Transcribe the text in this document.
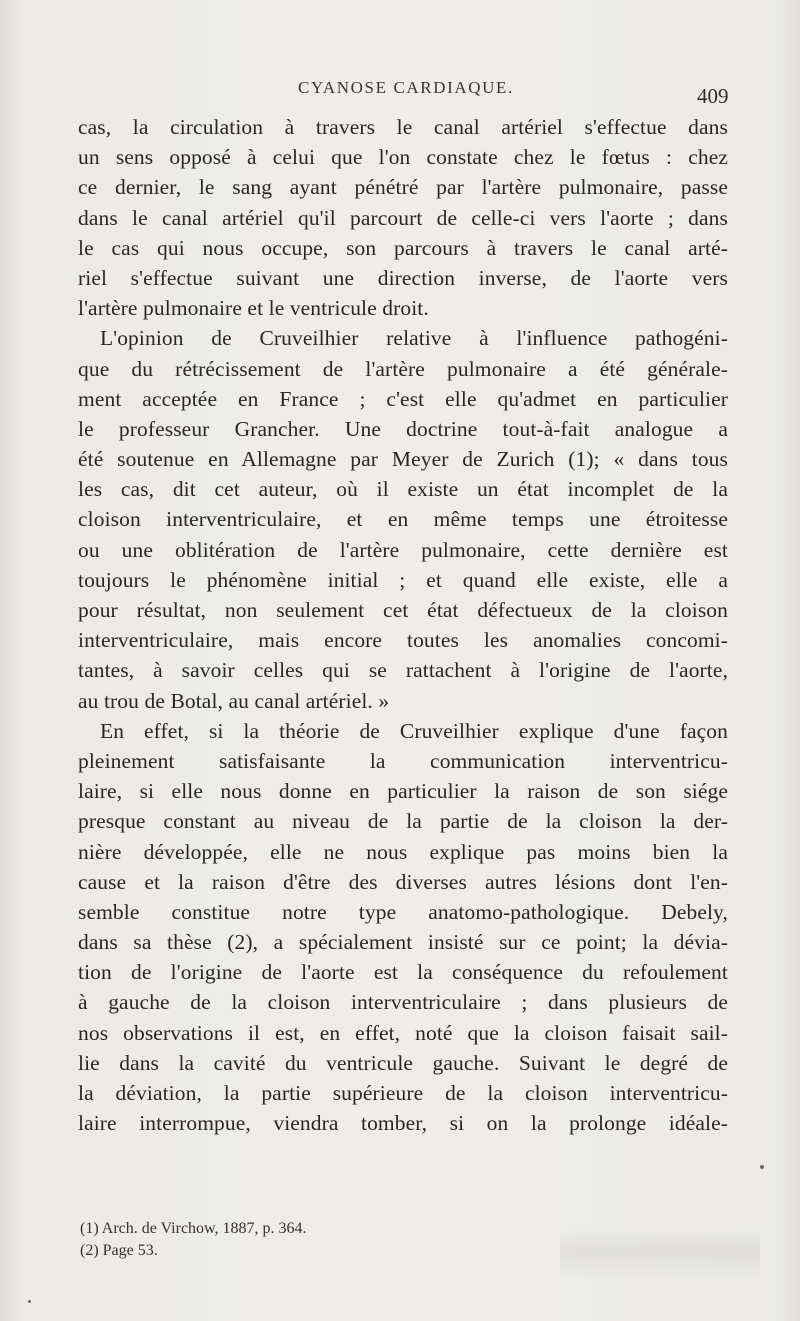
CYANOSE CARDIAQUE.	409
cas, la circulation à travers le canal artériel s'effectue dans
un sens opposé à celui que l'on constate chez le fœtus : chez
ce dernier, le sang ayant pénétré par l'artère pulmonaire, passe
dans le canal artériel qu'il parcourt de celle-ci vers l'aorte ; dans
le cas qui nous occupe, son parcours à travers le canal arté-
riel s'effectue suivant une direction inverse, de l'aorte vers
l'artère pulmonaire et le ventricule droit.
L'opinion de Cruveilhier relative à l'influence pathogéni-
que du rétrécissement de l'artère pulmonaire a été générale-
ment acceptée en France ; c'est elle qu'admet en particulier
le professeur Grancher. Une doctrine tout-à-fait analogue a
été soutenue en Allemagne par Meyer de Zurich (1); « dans tous
les cas, dit cet auteur, où il existe un état incomplet de la
cloison interventriculaire, et en même temps une étroitesse
ou une oblitération de l'artère pulmonaire, cette dernière est
toujours le phénomène initial ; et quand elle existe, elle a
pour résultat, non seulement cet état défectueux de la cloison
interventriculaire, mais encore toutes les anomalies concomi-
tantes, à savoir celles qui se rattachent à l'origine de l'aorte,
au trou de Botal, au canal artériel. »
En effet, si la théorie de Cruveilhier explique d'une façon
pleinement satisfaisante la communication interventricu-
laire, si elle nous donne en particulier la raison de son siége
presque constant au niveau de la partie de la cloison la der-
nière développée, elle ne nous explique pas moins bien la
cause et la raison d'être des diverses autres lésions dont l'en-
semble constitue notre type anatomo-pathologique. Debely,
dans sa thèse (2), a spécialement insisté sur ce point; la dévia-
tion de l'origine de l'aorte est la conséquence du refoulement
à gauche de la cloison interventriculaire ; dans plusieurs de
nos observations il est, en effet, noté que la cloison faisait sail-
lie dans la cavité du ventricule gauche. Suivant le degré de
la déviation, la partie supérieure de la cloison interventricu-
laire interrompue, viendra tomber, si on la prolonge idéale-
(1) Arch. de Virchow, 1887, p. 364.
(2) Page 53.
